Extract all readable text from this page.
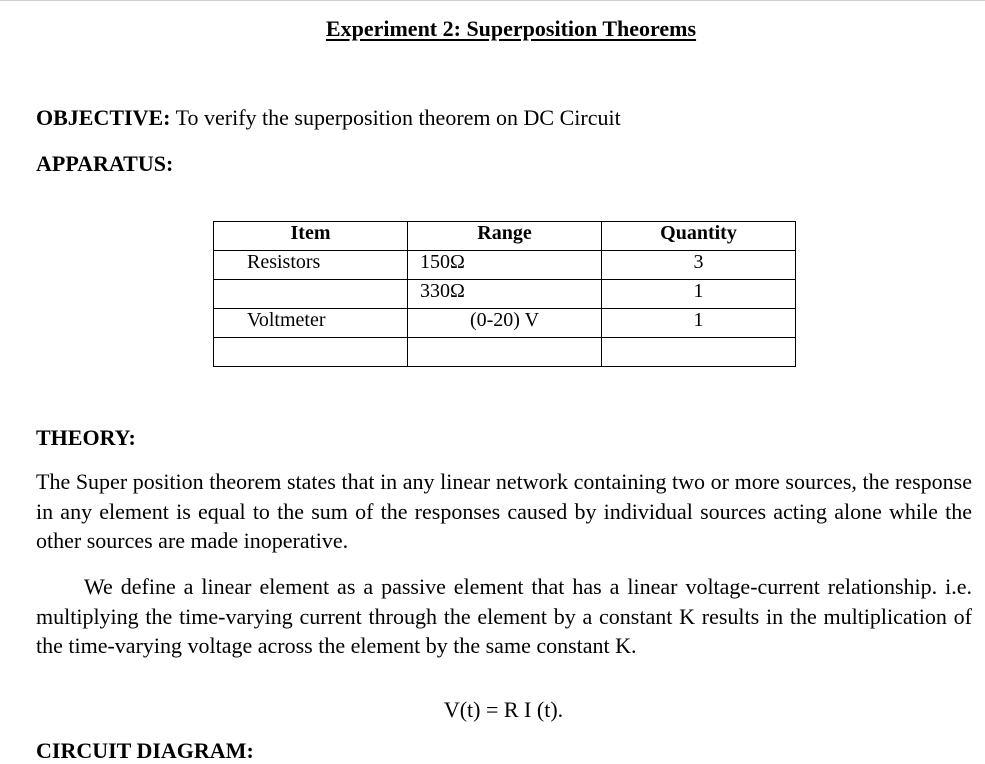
Experiment 2: Superposition Theorems
OBJECTIVE: To verify the superposition theorem on DC Circuit
APPARATUS:
Item	Range	Quantity
Resistors	150Ω	3
	330Ω	1
Voltmeter	(0-20) V	1

THEORY:
The Super position theorem states that in any linear network containing two or more sources, the response in any element is equal to the sum of the responses caused by individual sources acting alone while the other sources are made inoperative.
We define a linear element as a passive element that has a linear voltage-current relationship. i.e. multiplying the time-varying current through the element by a constant K results in the multiplication of the time-varying voltage across the element by the same constant K.
V(t) = R I (t).
CIRCUIT DIAGRAM:
